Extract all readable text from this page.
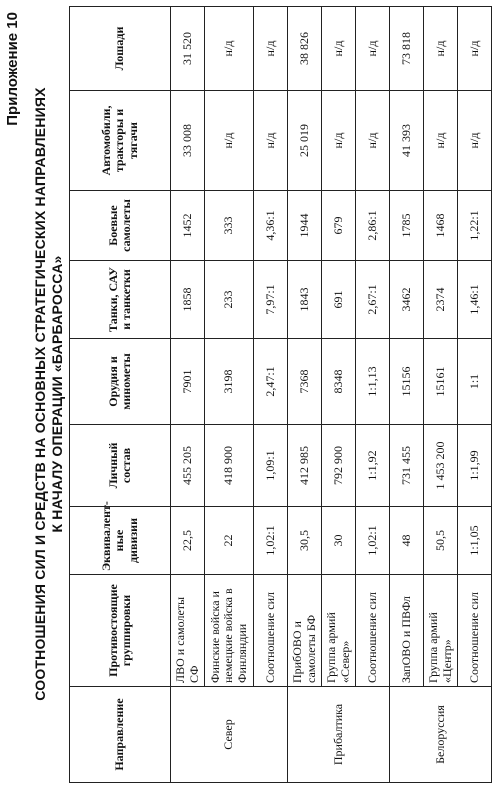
Приложение 10
СООТНОШЕНИЯ СИЛ И СРЕДСТВ НА ОСНОВНЫХ СТРАТЕГИЧЕСКИХ НАПРАВЛЕНИЯХ К НАЧАЛУ ОПЕРАЦИИ «БАРБАРОССА»
Направление	Противостоящие группировки	Эквивалент-ные дивизии	Личный состав	Орудия и минометы	Танки, САУ и танкетки	Боевые самолеты	Автомобили, тракторы и тягачи	Лошади
Север	ЛВО и самолеты СФ	22,5	455 205	7901	1858	1452	33 008	31 520
	Финские войска и немецкие войска в Финляндии	22	418 900	3198	233	333	н/д	н/д
	Соотношение сил	1,02:1	1,09:1	2,47:1	7,97:1	4,36:1	н/д	н/д
Прибалтика	ПрибОВО и самолеты БФ	30,5	412 985	7368	1843	1944	25 019	38 826
	Группа армий «Север»	30	792 900	8348	691	679	н/д	н/д
	Соотношение сил	1,02:1	1:1,92	1:1,13	2,67:1	2,86:1	н/д	н/д
Белоруссия	ЗапОВО и ПВФл	48	731 455	15156	3462	1785	41 393	73 818
	Группа армий «Центр»	50,5	1 453 200	15161	2374	1468	н/д	н/д
	Соотношение сил	1:1,05	1:1,99	1:1	1,46:1	1,22:1	н/д	н/д
